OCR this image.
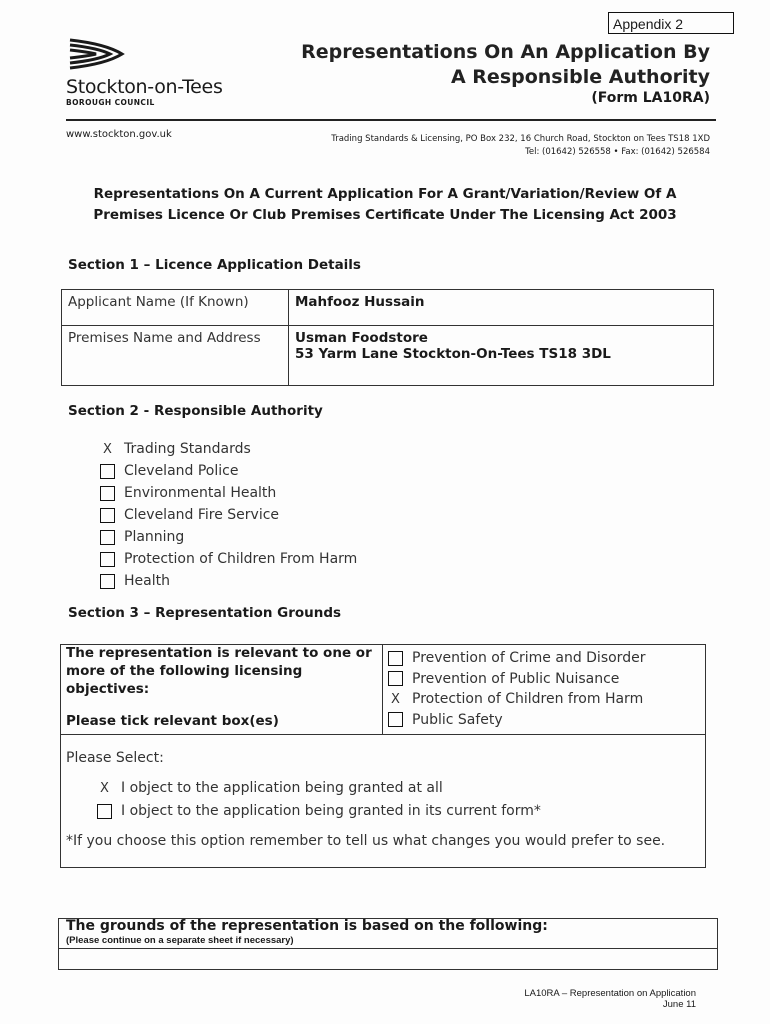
Appendix 2
Stockton-on-Tees
BOROUGH COUNCIL
Representations On An Application By
A Responsible Authority
(Form LA10RA)
www.stockton.gov.uk	Trading Standards & Licensing, PO Box 232, 16 Church Road, Stockton on Tees TS18 1XD
Tel: (01642) 526558 • Fax: (01642) 526584
Representations On A Current Application For A Grant/Variation/Review Of A
Premises Licence Or Club Premises Certificate Under The Licensing Act 2003
Section 1 – Licence Application Details
Applicant Name (If Known)	Mahfooz Hussain
Premises Name and Address	Usman Foodstore
53 Yarm Lane Stockton-On-Tees TS18 3DL
Section 2 - Responsible Authority
X Trading Standards
Cleveland Police
Environmental Health
Cleveland Fire Service
Planning
Protection of Children From Harm
Health
Section 3 – Representation Grounds
The representation is relevant to one or more of the following licensing objectives:
Please tick relevant box(es)
Prevention of Crime and Disorder
Prevention of Public Nuisance
X Protection of Children from Harm
Public Safety
Please Select:
X I object to the application being granted at all
I object to the application being granted in its current form*
*If you choose this option remember to tell us what changes you would prefer to see.
The grounds of the representation is based on the following:
(Please continue on a separate sheet if necessary)
LA10RA – Representation on Application
June 11
